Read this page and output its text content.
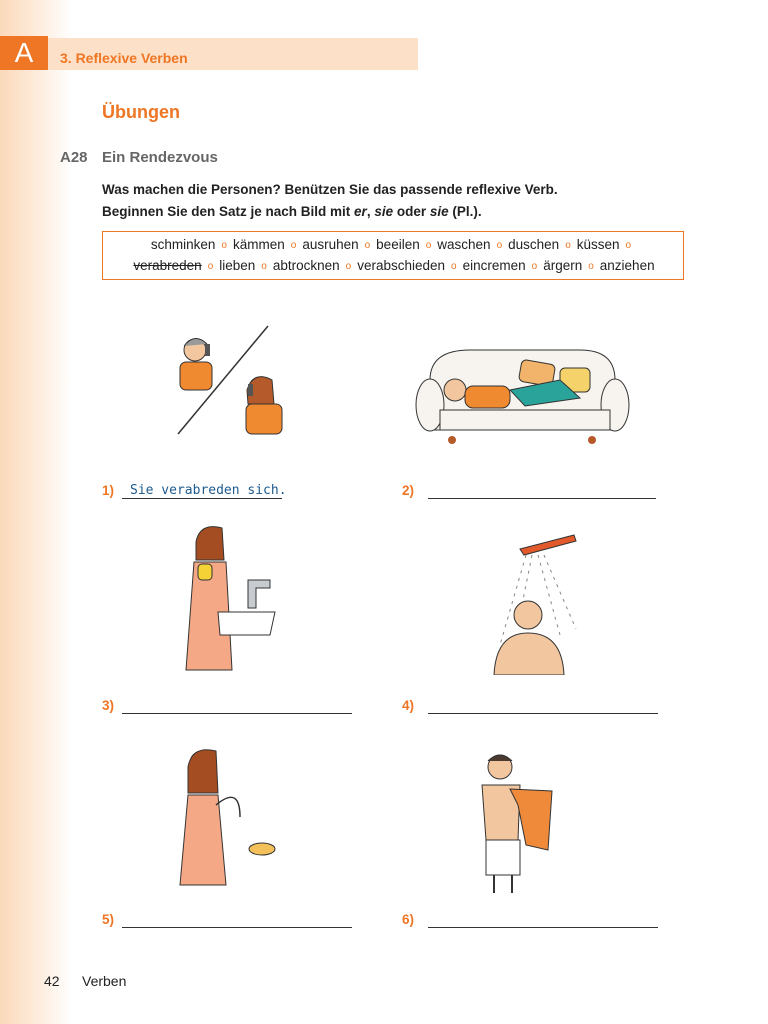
A	3. Reflexive Verben
Übungen
A28 Ein Rendezvous
Was machen die Personen? Benützen Sie das passende reflexive Verb.
Beginnen Sie den Satz je nach Bild mit er, sie oder sie (Pl.).
schminken o kämmen o ausruhen o beeilen o waschen o duschen o küssen o
verabreden o lieben o abtrocknen o verabschieden o eincremen o ärgern o anziehen
1) Sie verabreden sich.	2)
3)	4)
5)	6)
42 Verben
